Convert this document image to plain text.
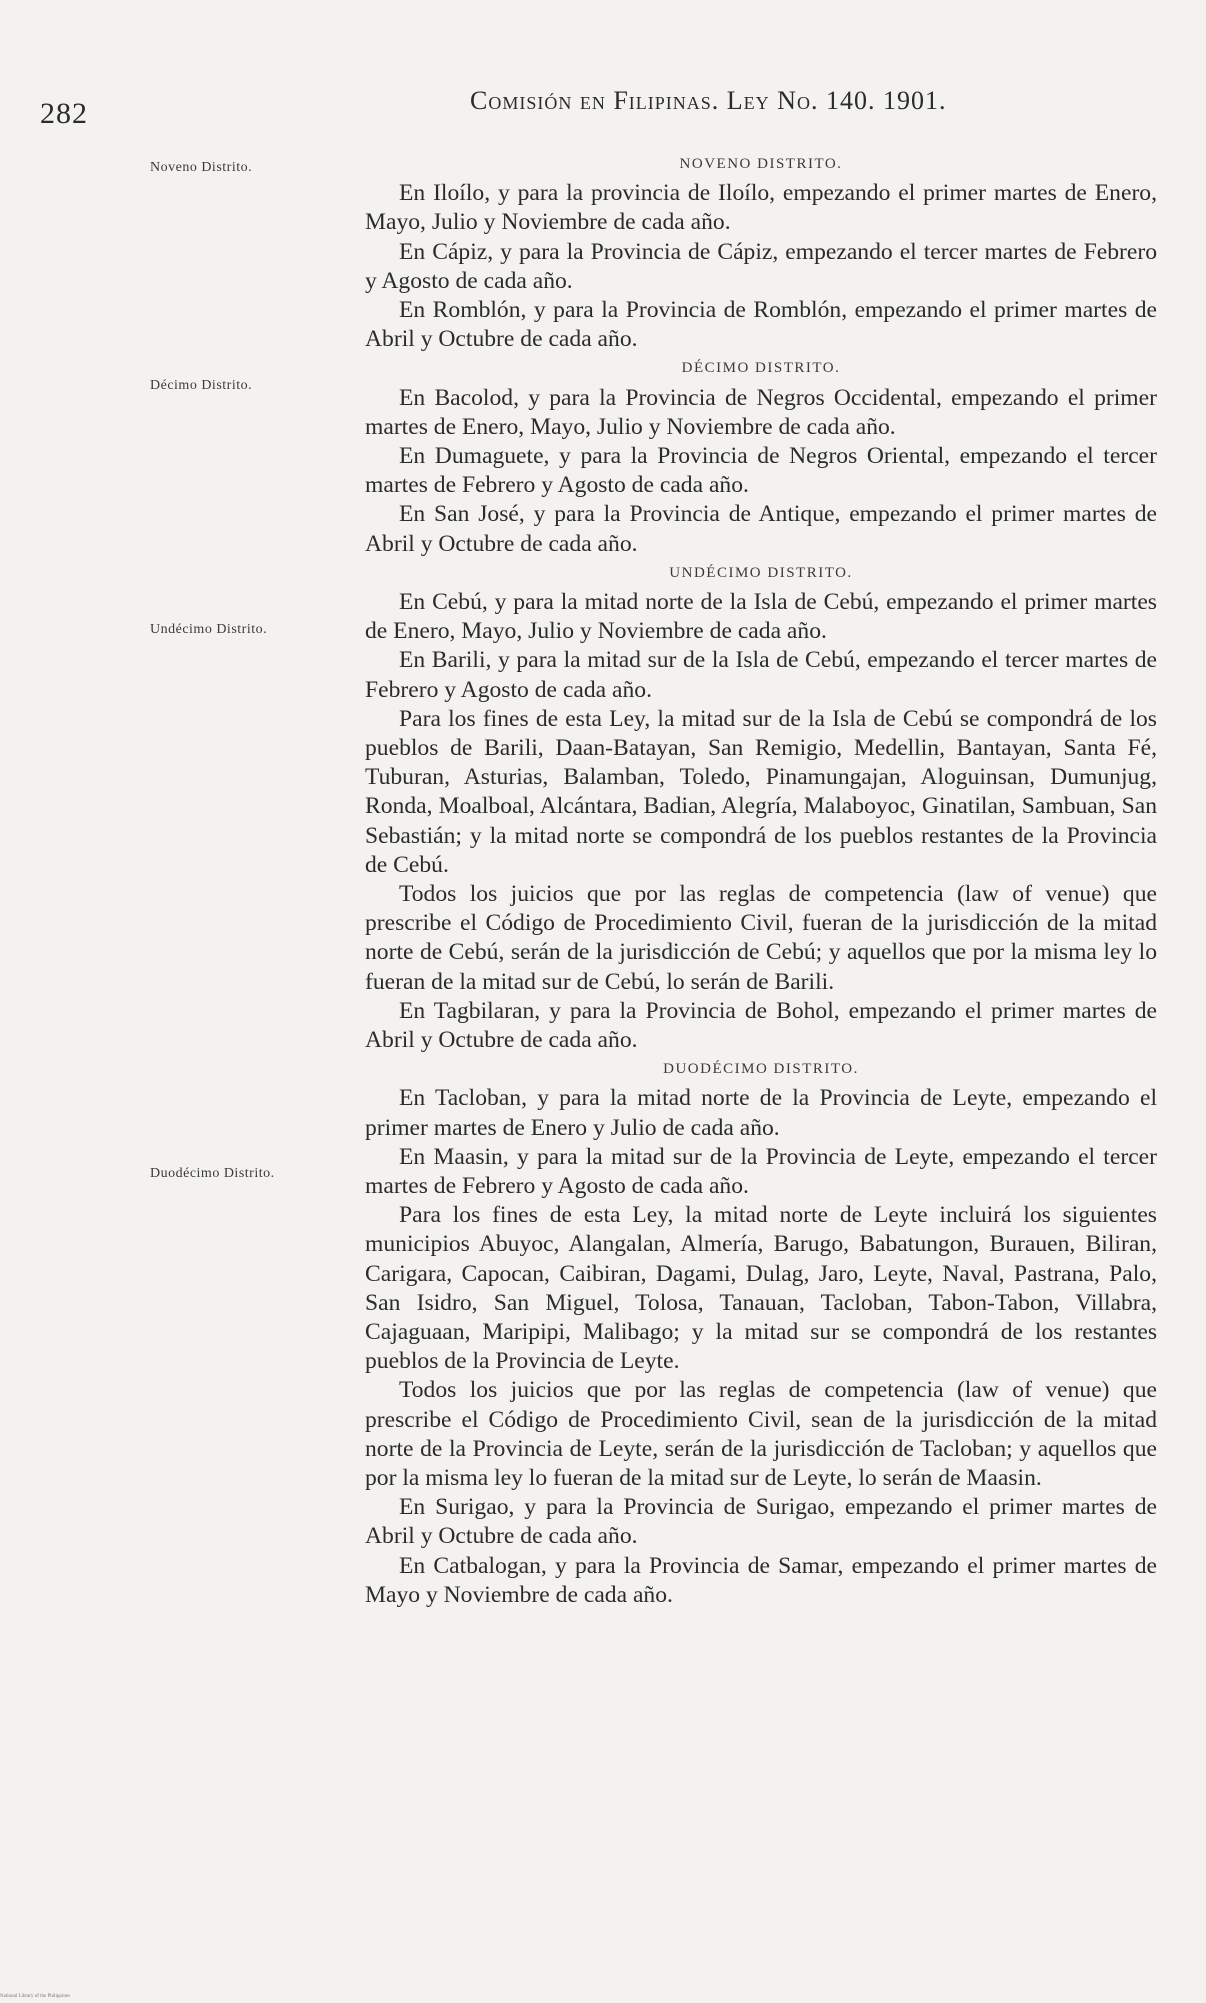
282	Comisión en Filipinas. Ley No. 140. 1901.
Noveno Distrito.
Décimo Distrito.
Undécimo Distrito.
Duodécimo Distrito.
NOVENO DISTRITO.

En Iloílo, y para la provincia de Iloílo, empezando el primer martes de Enero, Mayo, Julio y Noviembre de cada año.

En Cápiz, y para la Provincia de Cápiz, empezando el tercer martes de Febrero y Agosto de cada año.

En Romblón, y para la Provincia de Romblón, empezando el primer martes de Abril y Octubre de cada año.

DÉCIMO DISTRITO.

En Bacolod, y para la Provincia de Negros Occidental, empezando el primer martes de Enero, Mayo, Julio y Noviembre de cada año.

En Dumaguete, y para la Provincia de Negros Oriental, empezando el tercer martes de Febrero y Agosto de cada año.

En San José, y para la Provincia de Antique, empezando el primer martes de Abril y Octubre de cada año.

UNDÉCIMO DISTRITO.

En Cebú, y para la mitad norte de la Isla de Cebú, empezando el primer martes de Enero, Mayo, Julio y Noviembre de cada año.

En Barili, y para la mitad sur de la Isla de Cebú, empezando el tercer martes de Febrero y Agosto de cada año.

Para los fines de esta Ley, la mitad sur de la Isla de Cebú se compondrá de los pueblos de Barili, Daan-Batayan, San Remigio, Medellin, Bantayan, Santa Fé, Tuburan, Asturias, Balamban, Toledo, Pinamungajan, Aloguinsan, Dumunjug, Ronda, Moalboal, Alcántara, Badian, Alegría, Malaboyoc, Ginatilan, Sambuan, San Sebastián; y la mitad norte se compondrá de los pueblos restantes de la Provincia de Cebú.

Todos los juicios que por las reglas de competencia (law of venue) que prescribe el Código de Procedimiento Civil, fueran de la jurisdicción de la mitad norte de Cebú, serán de la jurisdicción de Cebú; y aquellos que por la misma ley lo fueran de la mitad sur de Cebú, lo serán de Barili.

En Tagbilaran, y para la Provincia de Bohol, empezando el primer martes de Abril y Octubre de cada año.

DUODÉCIMO DISTRITO.

En Tacloban, y para la mitad norte de la Provincia de Leyte, empezando el primer martes de Enero y Julio de cada año.

En Maasin, y para la mitad sur de la Provincia de Leyte, empezando el tercer martes de Febrero y Agosto de cada año.

Para los fines de esta Ley, la mitad norte de Leyte incluirá los siguientes municipios Abuyoc, Alangalan, Almería, Barugo, Babatungon, Burauen, Biliran, Carigara, Capocan, Caibiran, Dagami, Dulag, Jaro, Leyte, Naval, Pastrana, Palo, San Isidro, San Miguel, Tolosa, Tanauan, Tacloban, Tabon-Tabon, Villabra, Cajaguaan, Maripipi, Malibago; y la mitad sur se compondrá de los restantes pueblos de la Provincia de Leyte.

Todos los juicios que por las reglas de competencia (law of venue) que prescribe el Código de Procedimiento Civil, sean de la jurisdicción de la mitad norte de la Provincia de Leyte, serán de la jurisdicción de Tacloban; y aquellos que por la misma ley lo fueran de la mitad sur de Leyte, lo serán de Maasin.

En Surigao, y para la Provincia de Surigao, empezando el primer martes de Abril y Octubre de cada año.

En Catbalogan, y para la Provincia de Samar, empezando el primer martes de Mayo y Noviembre de cada año.

National Library of the Philippines
